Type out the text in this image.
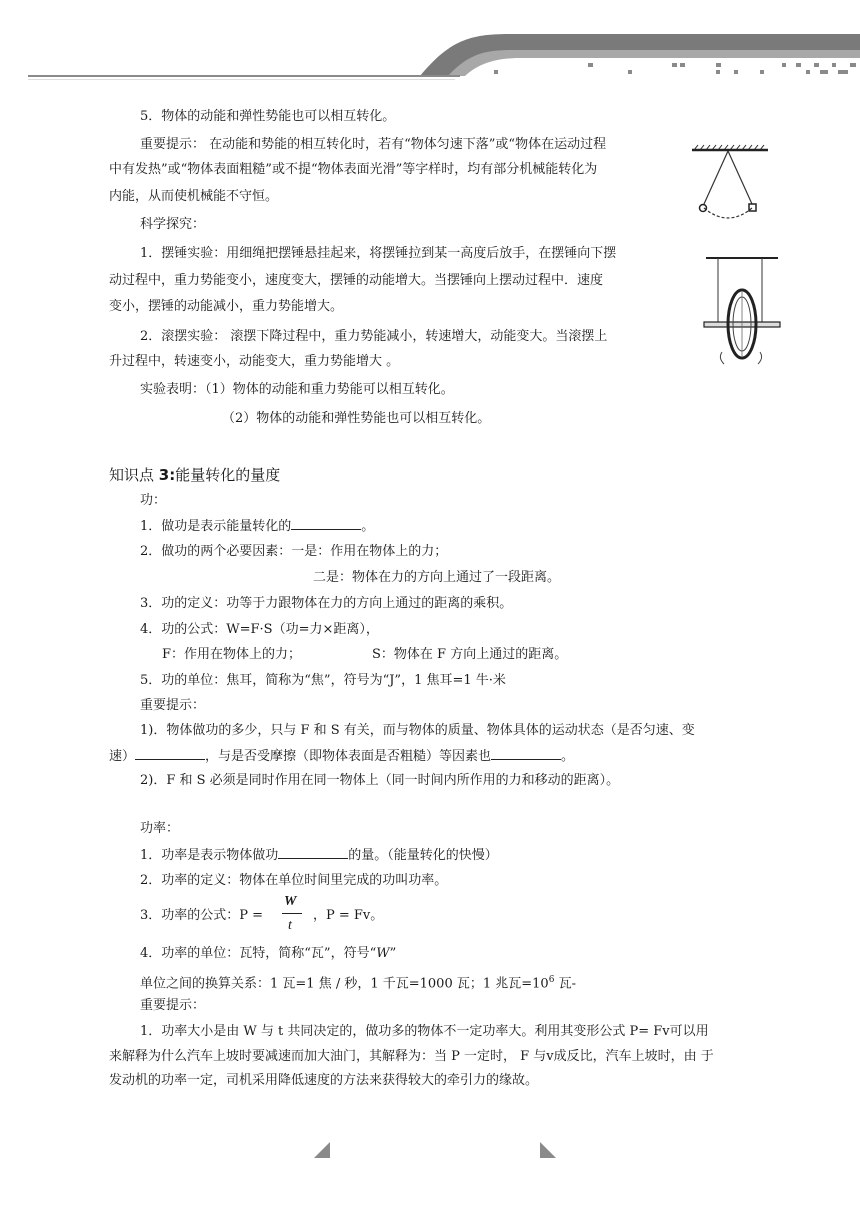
5．物体的动能和弹性势能也可以相互转化。
重要提示： 在动能和势能的相互转化时，若有“物体匀速下落”或“物体在运动过程
中有发热”或“物体表面粗糙”或不提“物体表面光滑”等字样时，均有部分机械能转化为
内能，从而使机械能不守恒。
科学探究：
1．摆锤实验：用细绳把摆锤悬挂起来，将摆锤拉到某一高度后放手，在摆锤向下摆
动过程中，重力势能变小，速度变大，摆锤的动能增大。当摆锤向上摆动过程中．速度
变小，摆锤的动能减小，重力势能增大。
2．滚摆实验： 滚摆下降过程中，重力势能减小，转速增大，动能变大。当滚摆上
升过程中，转速变小，动能变大，重力势能增大 。
实验表明：（1）物体的动能和重力势能可以相互转化。
（2）物体的动能和弹性势能也可以相互转化。
知识点 3:能量转化的量度
功：
1．做功是表示能量转化的	。
2．做功的两个必要因素：一是：作用在物体上的力；
二是：物体在力的方向上通过了一段距离。
3．功的定义：功等于力跟物体在力的方向上通过的距离的乘积。
4．功的公式：W=F·S（功=力×距离），
F：作用在物体上的力；	S：物体在 F 方向上通过的距离。
5．功的单位：焦耳，简称为“焦”，符号为“J”，1 焦耳=1 牛·米
重要提示：
1)．物体做功的多少，只与 F 和 S 有关，而与物体的质量、物体具体的运动状态（是否匀速、变
速）	，与是否受摩擦（即物体表面是否粗糙）等因素也	。
2)．F 和 S 必须是同时作用在同一物体上（同一时间内所作用的力和移动的距离）。
功率：
1．功率是表示物体做功	的量。（能量转化的快慢）
2．功率的定义：物体在单位时间里完成的功叫功率。
3．功率的公式：P =
W
t
，P = Fv。
4．功率的单位：瓦特，简称“瓦”，符号“W”
单位之间的换算关系：1 瓦=1 焦 / 秒，1 千瓦=1000 瓦；1 兆瓦$=10^6$ 瓦-
重要提示：
1．功率大小是由 W 与 t 共同决定的，做功多的物体不一定功率大。利用其变形公式 P= Fv可以用
来解释为什么汽车上坡时要减速而加大油门，其解释为：当 P 一定时， F 与v成反比，汽车上坡时，由 于
发动机的功率一定，司机采用降低速度的方法来获得较大的牵引力的缘故。
